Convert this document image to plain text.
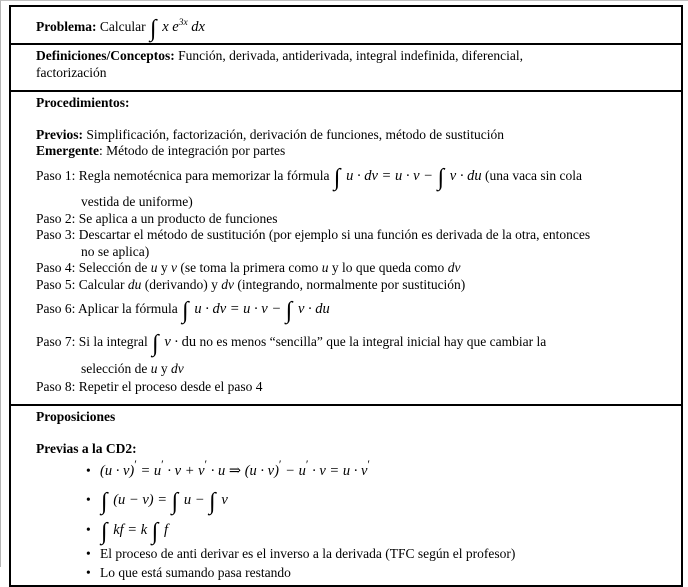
Problema: Calcular ∫ x $e^{3x}$ dx
Definiciones/Conceptos: Función, derivada, antiderivada, integral indefinida, diferencial,
factorización
Procedimientos:
Previos: Simplificación, factorización, derivación de funciones, método de sustitución
Emergente: Método de integración por partes
Paso 1: Regla nemotécnica para memorizar la fórmula ∫ u · dv = u · v − ∫ v · du (una vaca sin cola
vestida de uniforme)
Paso 2: Se aplica a un producto de funciones
Paso 3: Descartar el método de sustitución (por ejemplo si una función es derivada de la otra, entonces
no se aplica)
Paso 4: Selección de u y v (se toma la primera como u y lo que queda como dv
Paso 5: Calcular du (derivando) y dv (integrando, normalmente por sustitución)
Paso 6: Aplicar la fórmula ∫ u · dv = u · v − ∫ v · du
Paso 7: Si la integral ∫ v · du no es menos “sencilla” que la integral inicial hay que cambiar la
selección de u y dv
Paso 8: Repetir el proceso desde el paso 4
Proposiciones
Previas a la CD2:
• (u · v)′ = u′ · v + v′ · u ⇒ (u · v)′ − u′ · v = u · v′
• ∫ (u − v) = ∫ u − ∫ v
• ∫ kf = k ∫ f
• El proceso de anti derivar es el inverso a la derivada (TFC según el profesor)
• Lo que está sumando pasa restando
